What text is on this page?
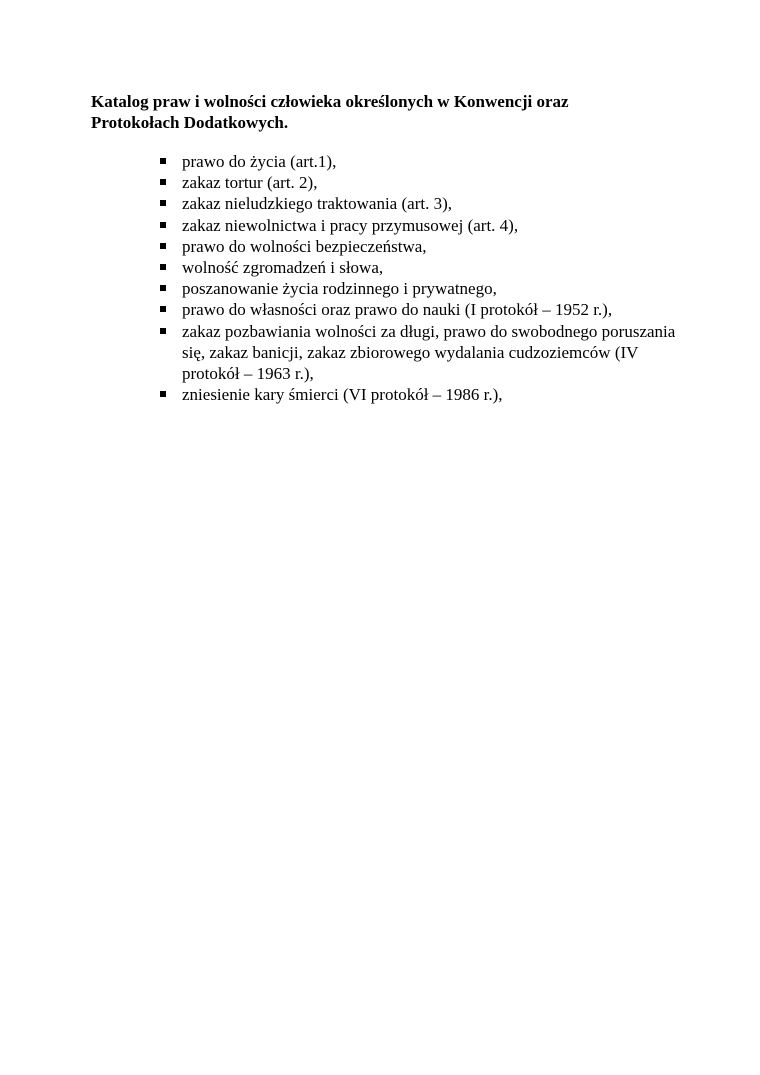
Katalog praw i wolności człowieka określonych w Konwencji oraz Protokołach Dodatkowych.
prawo do życia (art.1),
zakaz tortur (art. 2),
zakaz nieludzkiego traktowania (art. 3),
zakaz niewolnictwa i pracy przymusowej (art. 4),
prawo do wolności bezpieczeństwa,
wolność zgromadzeń i słowa,
poszanowanie życia rodzinnego i prywatnego,
prawo do własności oraz prawo do nauki (I protokół – 1952 r.),
zakaz pozbawiania wolności za długi, prawo do swobodnego poruszania się, zakaz banicji, zakaz zbiorowego wydalania cudzoziemców (IV protokół – 1963 r.),
zniesienie kary śmierci (VI protokół – 1986 r.),
